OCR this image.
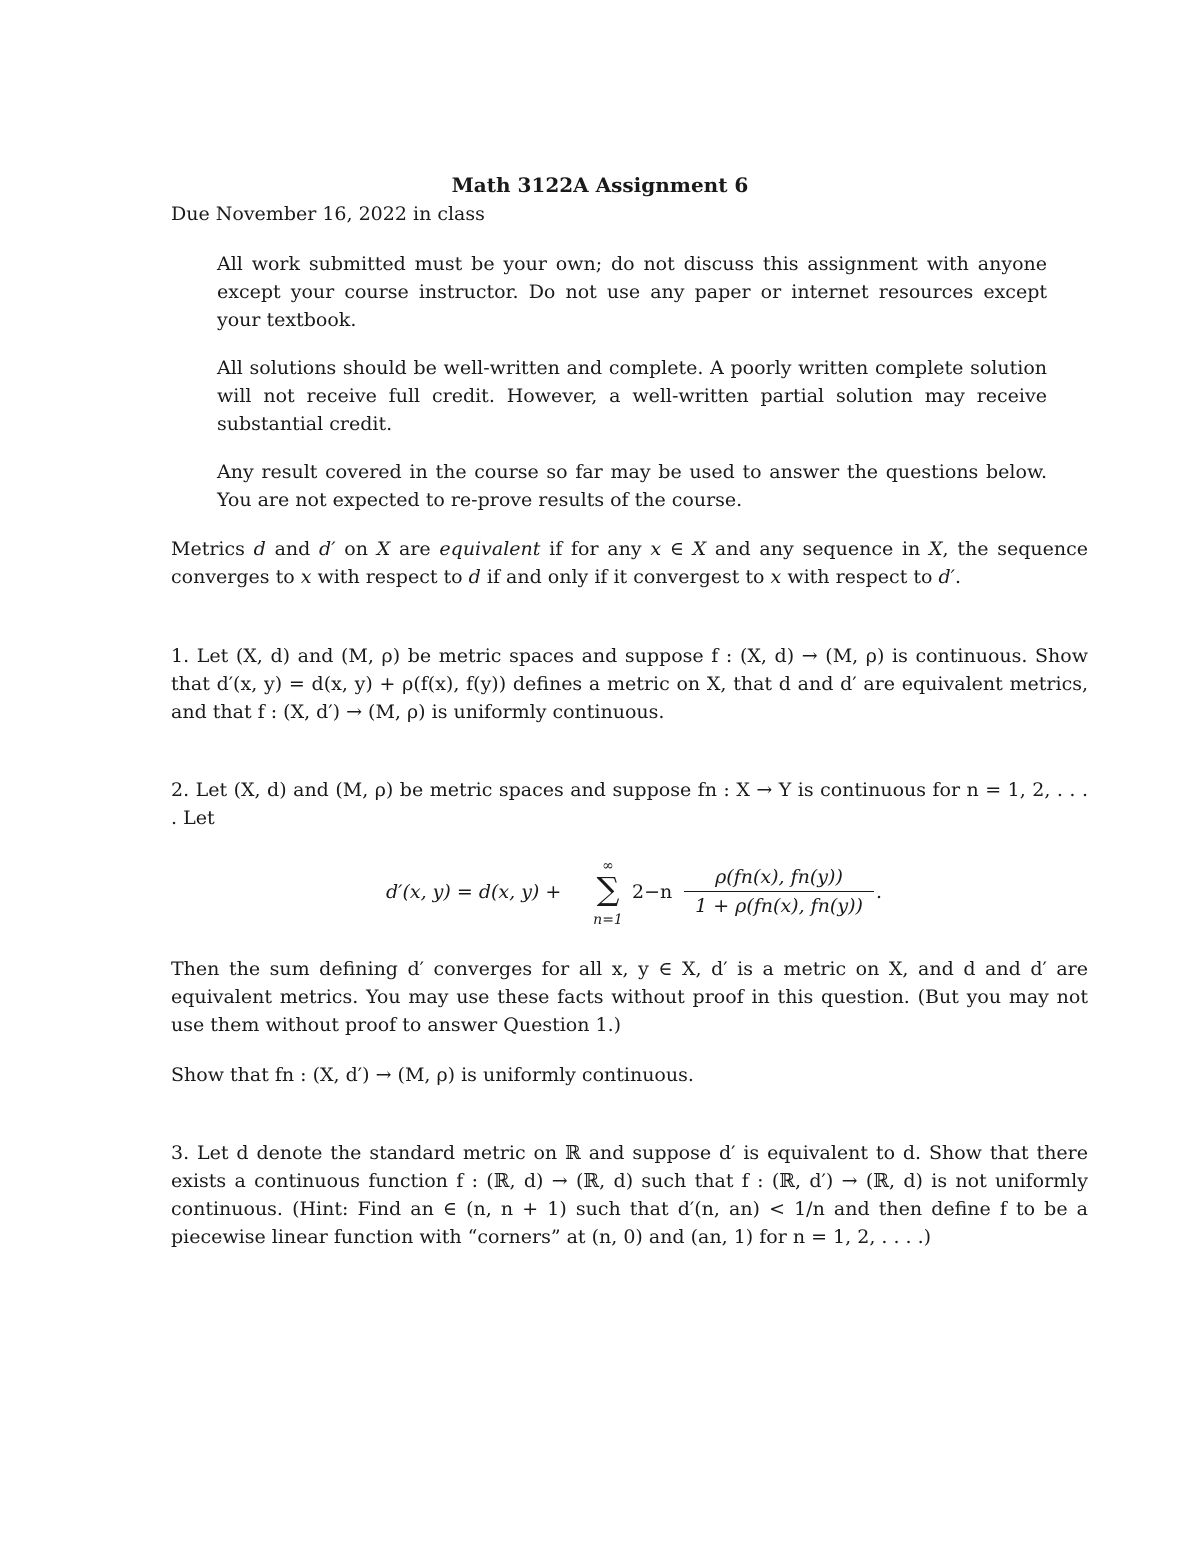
Math 3122A Assignment 6
Due November 16, 2022 in class
All work submitted must be your own; do not discuss this assignment with anyone except your course instructor. Do not use any paper or internet resources except your textbook.
All solutions should be well-written and complete. A poorly written complete solution will not receive full credit. However, a well-written partial solution may receive substantial credit.
Any result covered in the course so far may be used to answer the questions below. You are not expected to re-prove results of the course.
Metrics d and d′ on X are equivalent if for any x ∈ X and any sequence in X, the sequence
converges to x with respect to d if and only if it convergest to x with respect to d′.
1. Let (X, d) and (M, ρ) be metric spaces and suppose f : (X, d) → (M, ρ) is continuous. Show that d′(x, y) = d(x, y) + ρ(f(x), f(y)) defines a metric on X, that d and d′ are equivalent metrics, and that f : (X, d′) → (M, ρ) is uniformly continuous.
2. Let (X, d) and (M, ρ) be metric spaces and suppose fn : X → Y is continuous for n = 1, 2, . . . . Let
d′(x, y) = d(x, y) +
∞
∑
n=1
2−n
ρ(fn(x), fn(y))
1 + ρ(fn(x), fn(y))
.
Then the sum defining d′ converges for all x, y ∈ X, d′ is a metric on X, and d and d′ are equivalent metrics. You may use these facts without proof in this question. (But you may not use them without proof to answer Question 1.)
Show that fn : (X, d′) → (M, ρ) is uniformly continuous.
3. Let d denote the standard metric on ℝ and suppose d′ is equivalent to d. Show that there exists a continuous function f : (ℝ, d) → (ℝ, d) such that f : (ℝ, d′) → (ℝ, d) is not uniformly continuous. (Hint: Find an ∈ (n, n + 1) such that d′(n, an) < 1/n and then define f to be a piecewise linear function with “corners” at (n, 0) and (an, 1) for n = 1, 2, . . . .)
